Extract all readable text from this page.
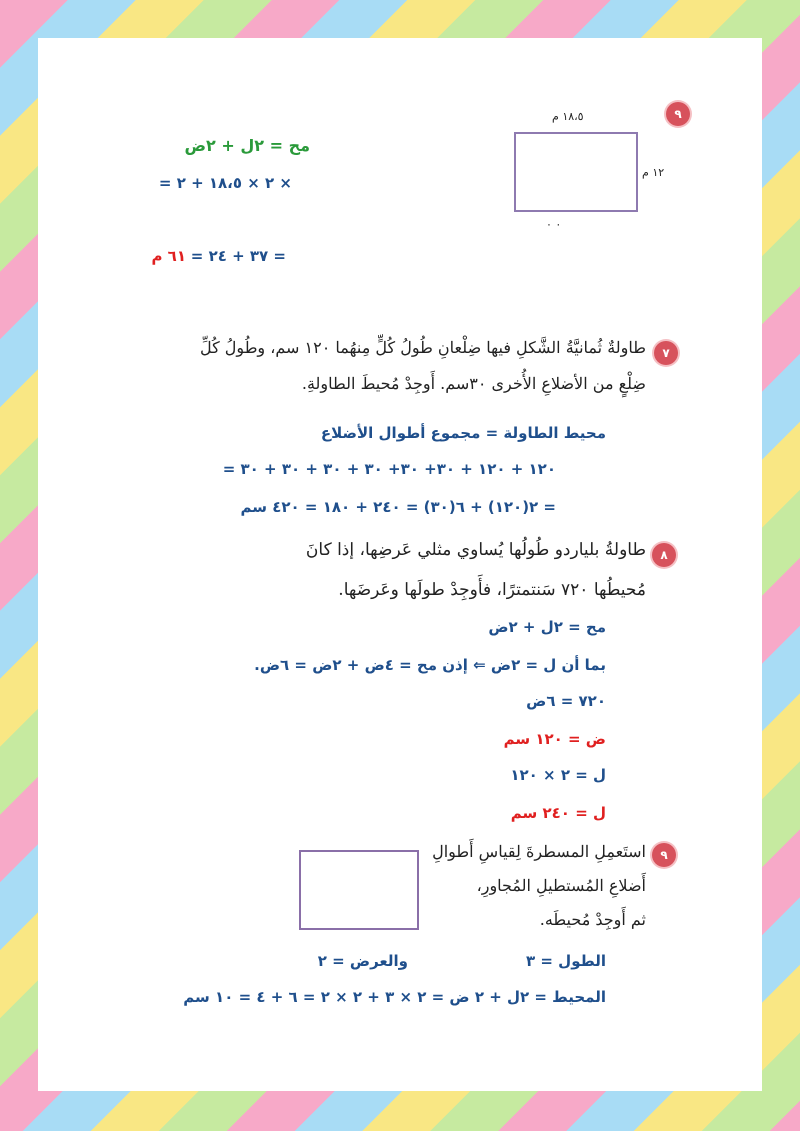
٩
١٨،٥ م
١٢ م
٠ ٠
مح = ٢ل + ٢ض
= ٢ × ١٨،٥ + ٢ ×
= ٣٧ + ٢٤ = ٦١ م
٧
طاولةٌ ثُمانيَّةُ الشَّكلِ فيها ضِلْعانِ طُولُ كُلٍّ مِنهُما ١٢٠ سم، وطُولُ كُلِّ
ضِلْعٍ من الأضلاعِ الأُخرى ٣٠سم. أَوجِدْ مُحيطَ الطاولةِ.
محيط الطاولة = مجموع أطوال الأضلاع
= ١٢٠ + ١٢٠ + ٣٠+ ٣٠+ ٣٠ + ٣٠ + ٣٠ + ٣٠
= ٢(١٢٠) + ٦(٣٠) = ٢٤٠ + ١٨٠ = ٤٢٠ سم
٨
طاولةُ بلياردو طُولُها يُساوي مثلي عَرضِها، إذا كانَ
مُحيطُها ٧٢٠ سَنتمترًا، فأَوجِدْ طولَها وعَرضَها.
مح = ٢ل + ٢ض
بما أن ل = ٢ض ⇐ إذن مح = ٤ض + ٢ض = ٦ض.
٧٢٠ = ٦ض
ض = ١٢٠ سم
ل = ٢ × ١٢٠
ل = ٢٤٠ سم
٩
استَعمِلِ المسطرةَ لِقياسِ أَطوالِ
أَضلاعِ المُستطيلِ المُجاورِ،
ثم أَوجِدْ مُحيطَه.
الطول = ٣
والعرض = ٢
المحيط = ٢ل + ٢ ض = ٢ × ٣ + ٢ × ٢ = ٦ + ٤ = ١٠ سم
